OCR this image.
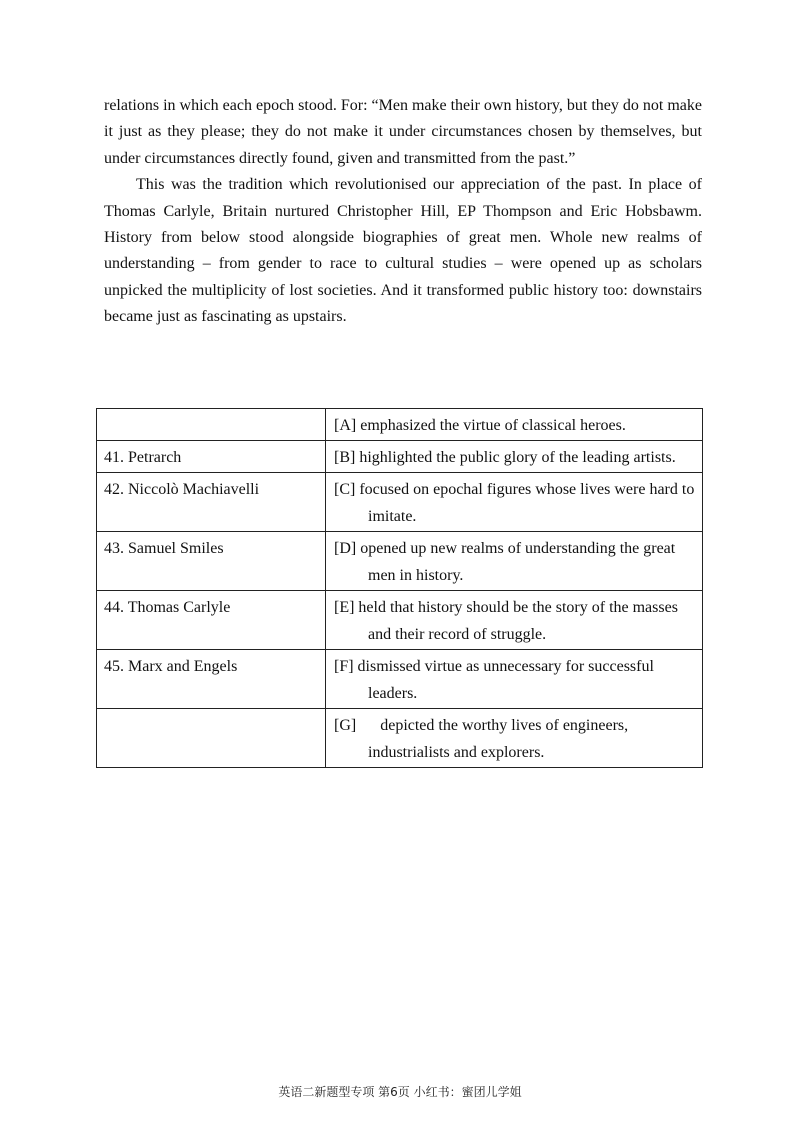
relations in which each epoch stood. For: “Men make their own history, but they do not make it just as they please; they do not make it under circumstances chosen by themselves, but under circumstances directly found, given and transmitted from the past.”

This was the tradition which revolutionised our appreciation of the past. In place of Thomas Carlyle, Britain nurtured Christopher Hill, EP Thompson and Eric Hobsbawm. History from below stood alongside biographies of great men. Whole new realms of understanding – from gender to race to cultural studies – were opened up as scholars unpicked the multiplicity of lost societies. And it transformed public history too: downstairs became just as fascinating as upstairs.

	[A] emphasized the virtue of classical heroes.

41. Petrarch	[B] highlighted the public glory of the leading artists.

42. Niccolò Machiavelli	[C] focused on epochal figures whose lives were hard to imitate.

43. Samuel Smiles	[D] opened up new realms of understanding the great men in history.

44. Thomas Carlyle	[E] held that history should be the story of the masses and their record of struggle.

45. Marx and Engels	[F] dismissed virtue as unnecessary for successful leaders.

	[G]      depicted the worthy lives of engineers, industrialists and explorers.
英语二新题型专项 第6页 小红书：蜜团儿学姐
